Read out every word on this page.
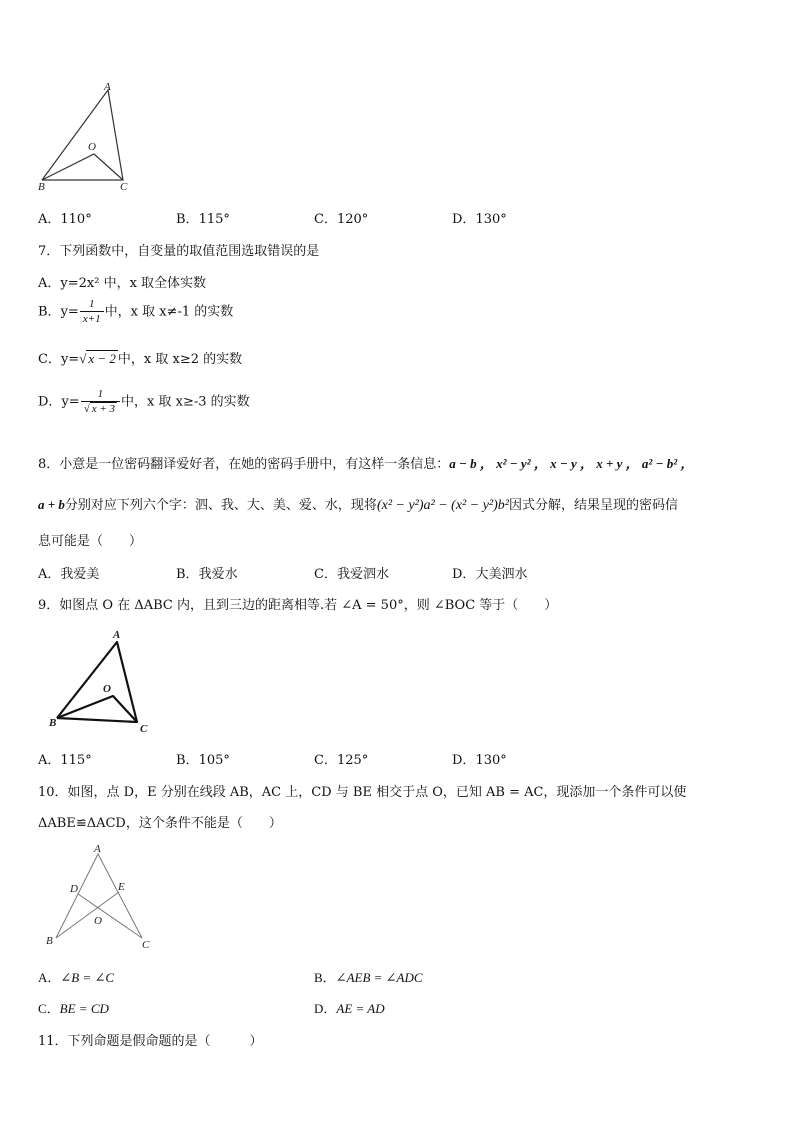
A
O
B	C
A．110°	B．115°	C．120°	D．130°
7．下列函数中，自变量的取值范围选取错误的是
A．y=2x² 中，x 取全体实数
B．$y= \frac{1}{x+1}$ 中，x 取 x≠-1 的实数
C．y=√ x − 2 中，x 取 x≥2 的实数
D．$y= \frac{1}{√ x + 3}$ 中，x 取 x≥-3 的实数
8．小意是一位密码翻译爱好者，在她的密码手册中，有这样一条信息：a − b ， x² − y² ， x − y ， x + y ， a² − b² ，
a + b分别对应下列六个字：泗、我、大、美、爱、水，现将(x² − y²)a² − (x² − y²)b²因式分解，结果呈现的密码信
息可能是（　　）
A．我爱美	B．我爱水	C．我爱泗水	D．大美泗水
9．如图点 O 在 ΔABC 内，且到三边的距离相等.若 ∠A = 50°，则 ∠BOC 等于（　　）
A
O
B	C
A．115°	B．105°	C．125°	D．130°
10．如图，点 D，E 分别在线段 AB，AC 上，CD 与 BE 相交于点 O，已知 AB = AC，现添加一个条件可以使
ΔABE≌ΔACD，这个条件不能是（　　）
A
D	E
O
B	C
A．∠B = ∠C	B．∠AEB = ∠ADC
C．BE = CD	D．AE = AD
11．下列命题是假命题的是（　　　）
